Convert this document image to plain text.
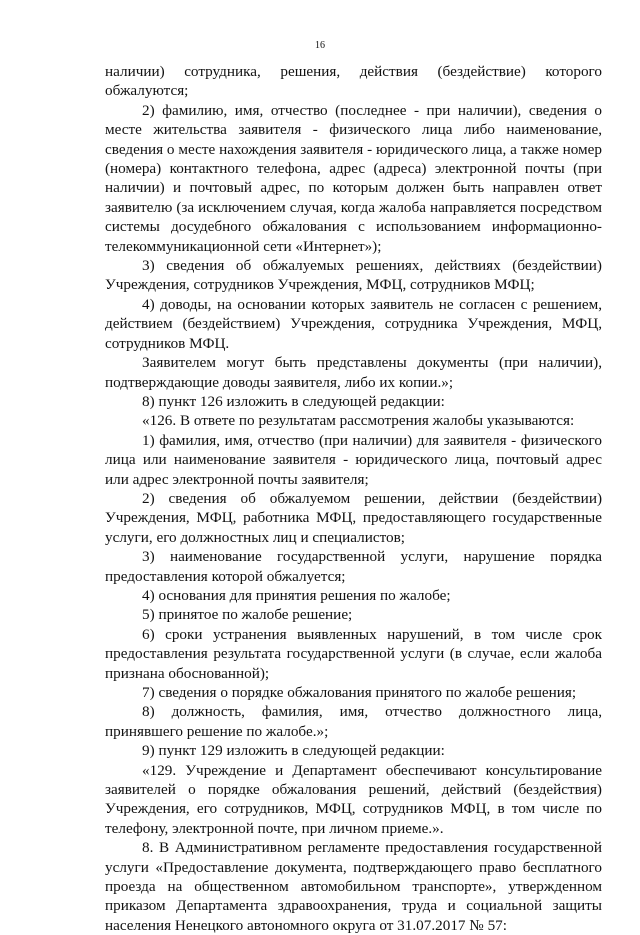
16

наличии) сотрудника, решения, действия (бездействие) которого обжалуются;

2) фамилию, имя, отчество (последнее - при наличии), сведения о месте жительства заявителя - физического лица либо наименование, сведения о месте нахождения заявителя - юридического лица, а также номер (номера) контактного телефона, адрес (адреса) электронной почты (при наличии) и почтовый адрес, по которым должен быть направлен ответ заявителю (за исключением случая, когда жалоба направляется посредством системы досудебного обжалования с использованием информационно-телекоммуникационной сети «Интернет»);

3) сведения об обжалуемых решениях, действиях (бездействии) Учреждения, сотрудников Учреждения, МФЦ, сотрудников МФЦ;

4) доводы, на основании которых заявитель не согласен с решением, действием (бездействием) Учреждения, сотрудника Учреждения, МФЦ, сотрудников МФЦ.

Заявителем могут быть представлены документы (при наличии), подтверждающие доводы заявителя, либо их копии.»;

8) пункт 126 изложить в следующей редакции:

«126. В ответе по результатам рассмотрения жалобы указываются:

1) фамилия, имя, отчество (при наличии) для заявителя - физического лица или наименование заявителя - юридического лица, почтовый адрес или адрес электронной почты заявителя;

2) сведения об обжалуемом решении, действии (бездействии) Учреждения, МФЦ, работника МФЦ, предоставляющего государственные услуги, его должностных лиц и специалистов;

3) наименование государственной услуги, нарушение порядка предоставления которой обжалуется;

4) основания для принятия решения по жалобе;

5) принятое по жалобе решение;

6) сроки устранения выявленных нарушений, в том числе срок предоставления результата государственной услуги (в случае, если жалоба признана обоснованной);

7) сведения о порядке обжалования принятого по жалобе решения;

8) должность, фамилия, имя, отчество должностного лица, принявшего решение по жалобе.»;

9) пункт 129 изложить в следующей редакции:

«129. Учреждение и Департамент обеспечивают консультирование заявителей о порядке обжалования решений, действий (бездействия) Учреждения, его сотрудников, МФЦ, сотрудников МФЦ, в том числе по телефону, электронной почте, при личном приеме.».

8. В Административном регламенте предоставления государственной услуги «Предоставление документа, подтверждающего право бесплатного проезда на общественном автомобильном транспорте», утвержденном приказом Департамента здравоохранения, труда и социальной защиты населения Ненецкого автономного округа от 31.07.2017 № 57:
